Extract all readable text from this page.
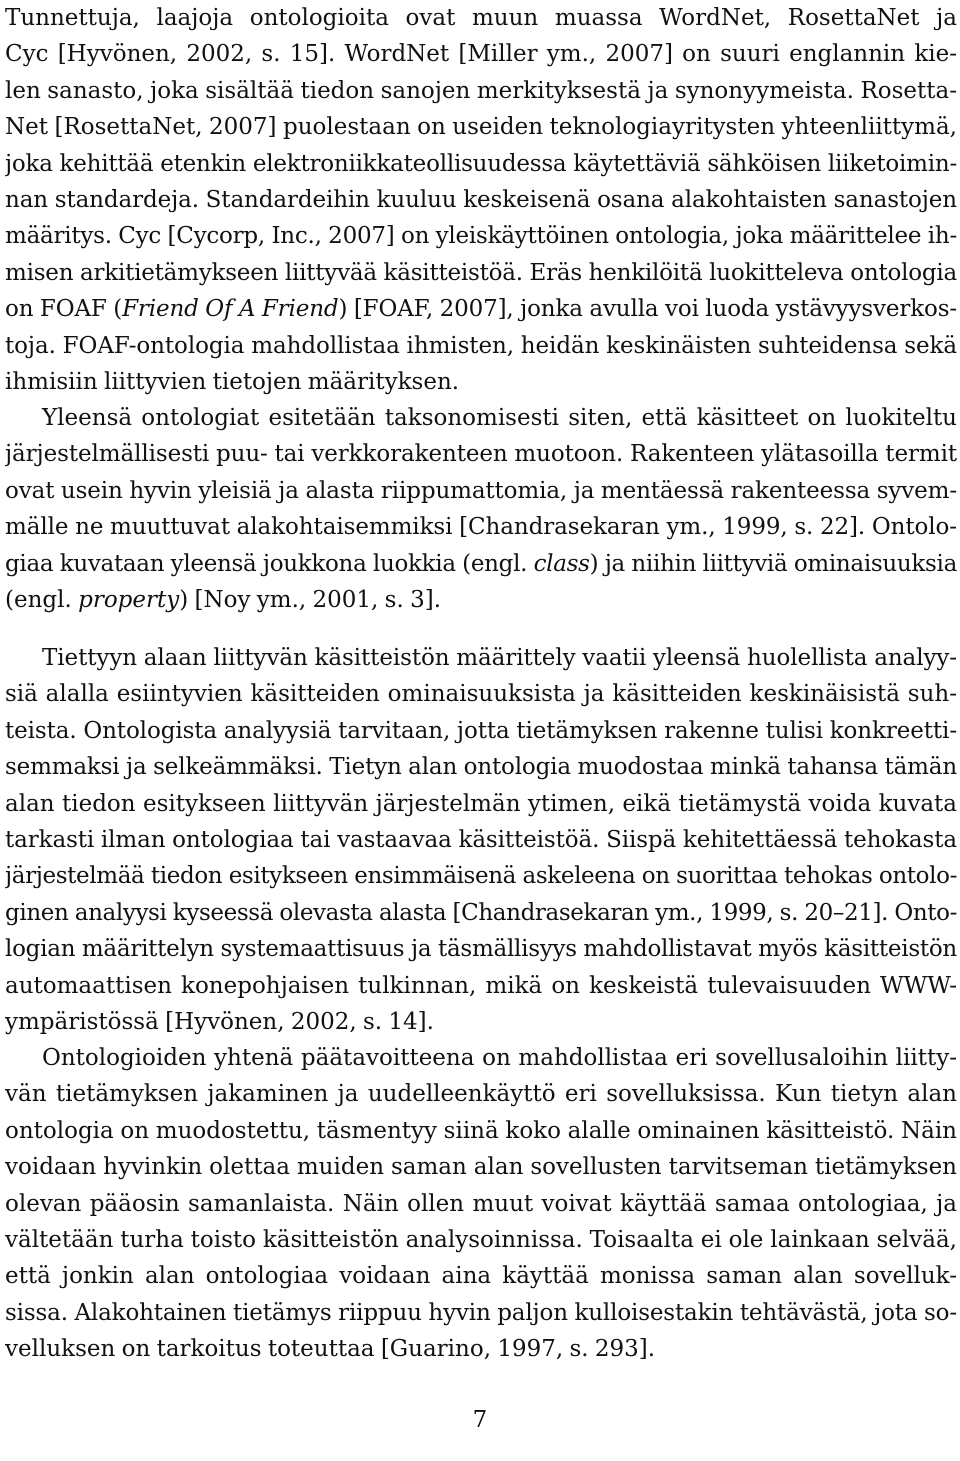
Tunnettuja, laajoja ontologioita ovat muun muassa WordNet, RosettaNet ja
Cyc [Hyvönen, 2002, s. 15]. WordNet [Miller ym., 2007] on suuri englannin kie-
len sanasto, joka sisältää tiedon sanojen merkityksestä ja synonyymeista. Rosetta-
Net [RosettaNet, 2007] puolestaan on useiden teknologiayritysten yhteenliittymä,
joka kehittää etenkin elektroniikkateollisuudessa käytettäviä sähköisen liiketoimin-
nan standardeja. Standardeihin kuuluu keskeisenä osana alakohtaisten sanastojen
määritys. Cyc [Cycorp, Inc., 2007] on yleiskäyttöinen ontologia, joka määrittelee ih-
misen arkitietämykseen liittyvää käsitteistöä. Eräs henkilöitä luokitteleva ontologia
on FOAF (Friend Of A Friend) [FOAF, 2007], jonka avulla voi luoda ystävyysverkos-
toja. FOAF-ontologia mahdollistaa ihmisten, heidän keskinäisten suhteidensa sekä
ihmisiin liittyvien tietojen määrityksen.
Yleensä ontologiat esitetään taksonomisesti siten, että käsitteet on luokiteltu
järjestelmällisesti puu- tai verkkorakenteen muotoon. Rakenteen ylätasoilla termit
ovat usein hyvin yleisiä ja alasta riippumattomia, ja mentäessä rakenteessa syvem-
mälle ne muuttuvat alakohtaisemmiksi [Chandrasekaran ym., 1999, s. 22]. Ontolo-
giaa kuvataan yleensä joukkona luokkia (engl. class) ja niihin liittyviä ominaisuuksia
(engl. property) [Noy ym., 2001, s. 3].
Tiettyyn alaan liittyvän käsitteistön määrittely vaatii yleensä huolellista analyy-
siä alalla esiintyvien käsitteiden ominaisuuksista ja käsitteiden keskinäisistä suh-
teista. Ontologista analyysiä tarvitaan, jotta tietämyksen rakenne tulisi konkreetti-
semmaksi ja selkeämmäksi. Tietyn alan ontologia muodostaa minkä tahansa tämän
alan tiedon esitykseen liittyvän järjestelmän ytimen, eikä tietämystä voida kuvata
tarkasti ilman ontologiaa tai vastaavaa käsitteistöä. Siispä kehitettäessä tehokasta
järjestelmää tiedon esitykseen ensimmäisenä askeleena on suorittaa tehokas ontolo-
ginen analyysi kyseessä olevasta alasta [Chandrasekaran ym., 1999, s. 20–21]. Onto-
logian määrittelyn systemaattisuus ja täsmällisyys mahdollistavat myös käsitteistön
automaattisen konepohjaisen tulkinnan, mikä on keskeistä tulevaisuuden WWW-
ympäristössä [Hyvönen, 2002, s. 14].
Ontologioiden yhtenä päätavoitteena on mahdollistaa eri sovellusaloihin liitty-
vän tietämyksen jakaminen ja uudelleenkäyttö eri sovelluksissa. Kun tietyn alan
ontologia on muodostettu, täsmentyy siinä koko alalle ominainen käsitteistö. Näin
voidaan hyvinkin olettaa muiden saman alan sovellusten tarvitseman tietämyksen
olevan pääosin samanlaista. Näin ollen muut voivat käyttää samaa ontologiaa, ja
vältetään turha toisto käsitteistön analysoinnissa. Toisaalta ei ole lainkaan selvää,
että jonkin alan ontologiaa voidaan aina käyttää monissa saman alan sovelluk-
sissa. Alakohtainen tietämys riippuu hyvin paljon kulloisestakin tehtävästä, jota so-
velluksen on tarkoitus toteuttaa [Guarino, 1997, s. 293].
7
